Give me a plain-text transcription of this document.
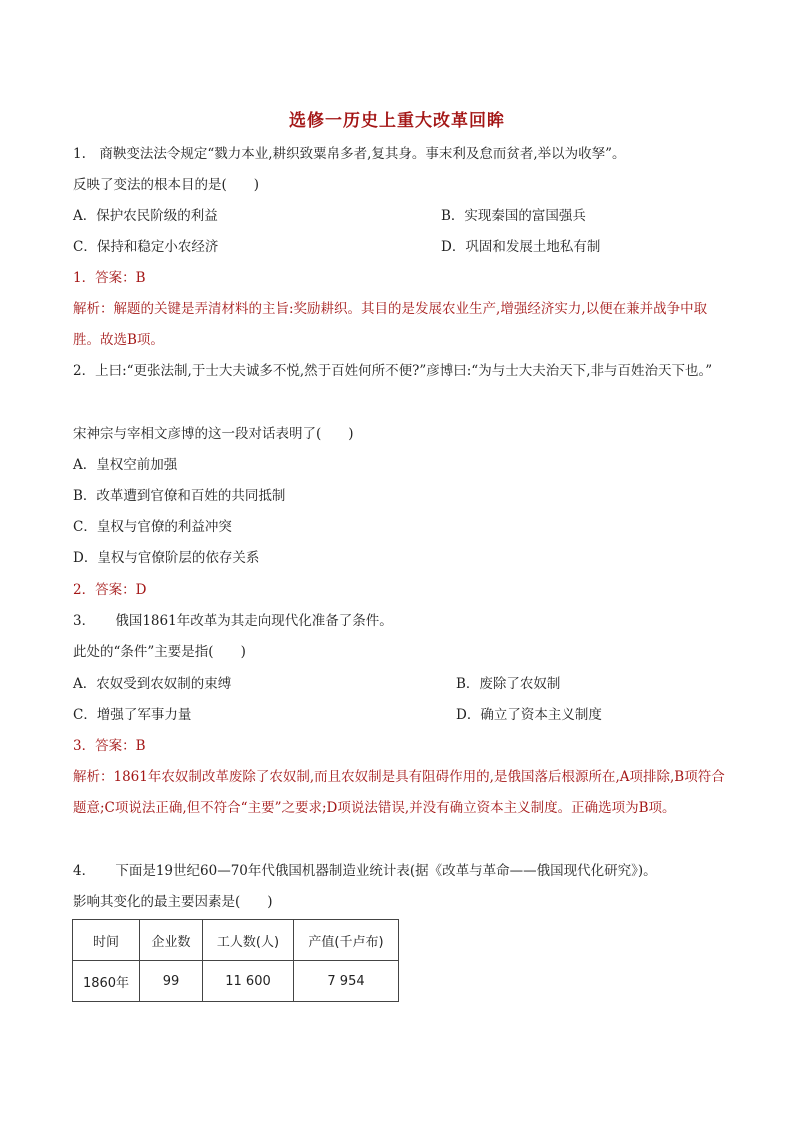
选修一历史上重大改革回眸
1.　商鞅变法法令规定“戮力本业,耕织致粟帛多者,复其身。事末利及怠而贫者,举以为收孥”。
反映了变法的根本目的是(　　)
A．保护农民阶级的利益	B．实现秦国的富国强兵
C．保持和稳定小农经济	D．巩固和发展土地私有制
1．答案：B
解析：解题的关键是弄清材料的主旨:奖励耕织。其目的是发展农业生产,增强经济实力,以便在兼并战争中取胜。故选B项。
2．上曰:“更张法制,于士大夫诚多不悦,然于百姓何所不便?”彦博曰:“为与士大夫治天下,非与百姓治天下也。”
宋神宗与宰相文彦博的这一段对话表明了(　　)
A．皇权空前加强
B．改革遭到官僚和百姓的共同抵制
C．皇权与官僚的利益冲突
D．皇权与官僚阶层的依存关系
2．答案：D
3．　　俄国1861年改革为其走向现代化准备了条件。
此处的“条件”主要是指(　　)
A．农奴受到农奴制的束缚	B．废除了农奴制
C．增强了军事力量	D．确立了资本主义制度
3．答案：B
解析：1861年农奴制改革废除了农奴制,而且农奴制是具有阻碍作用的,是俄国落后根源所在,A项排除,B项符合题意;C项说法正确,但不符合“主要”之要求;D项说法错误,并没有确立资本主义制度。正确选项为B项。
4．　　下面是19世纪60—70年代俄国机器制造业统计表(据《改革与革命——俄国现代化研究》)。
影响其变化的最主要因素是(　　)
时间	企业数	工人数(人)	产值(千卢布)
1860年	99	11 600	7 954
